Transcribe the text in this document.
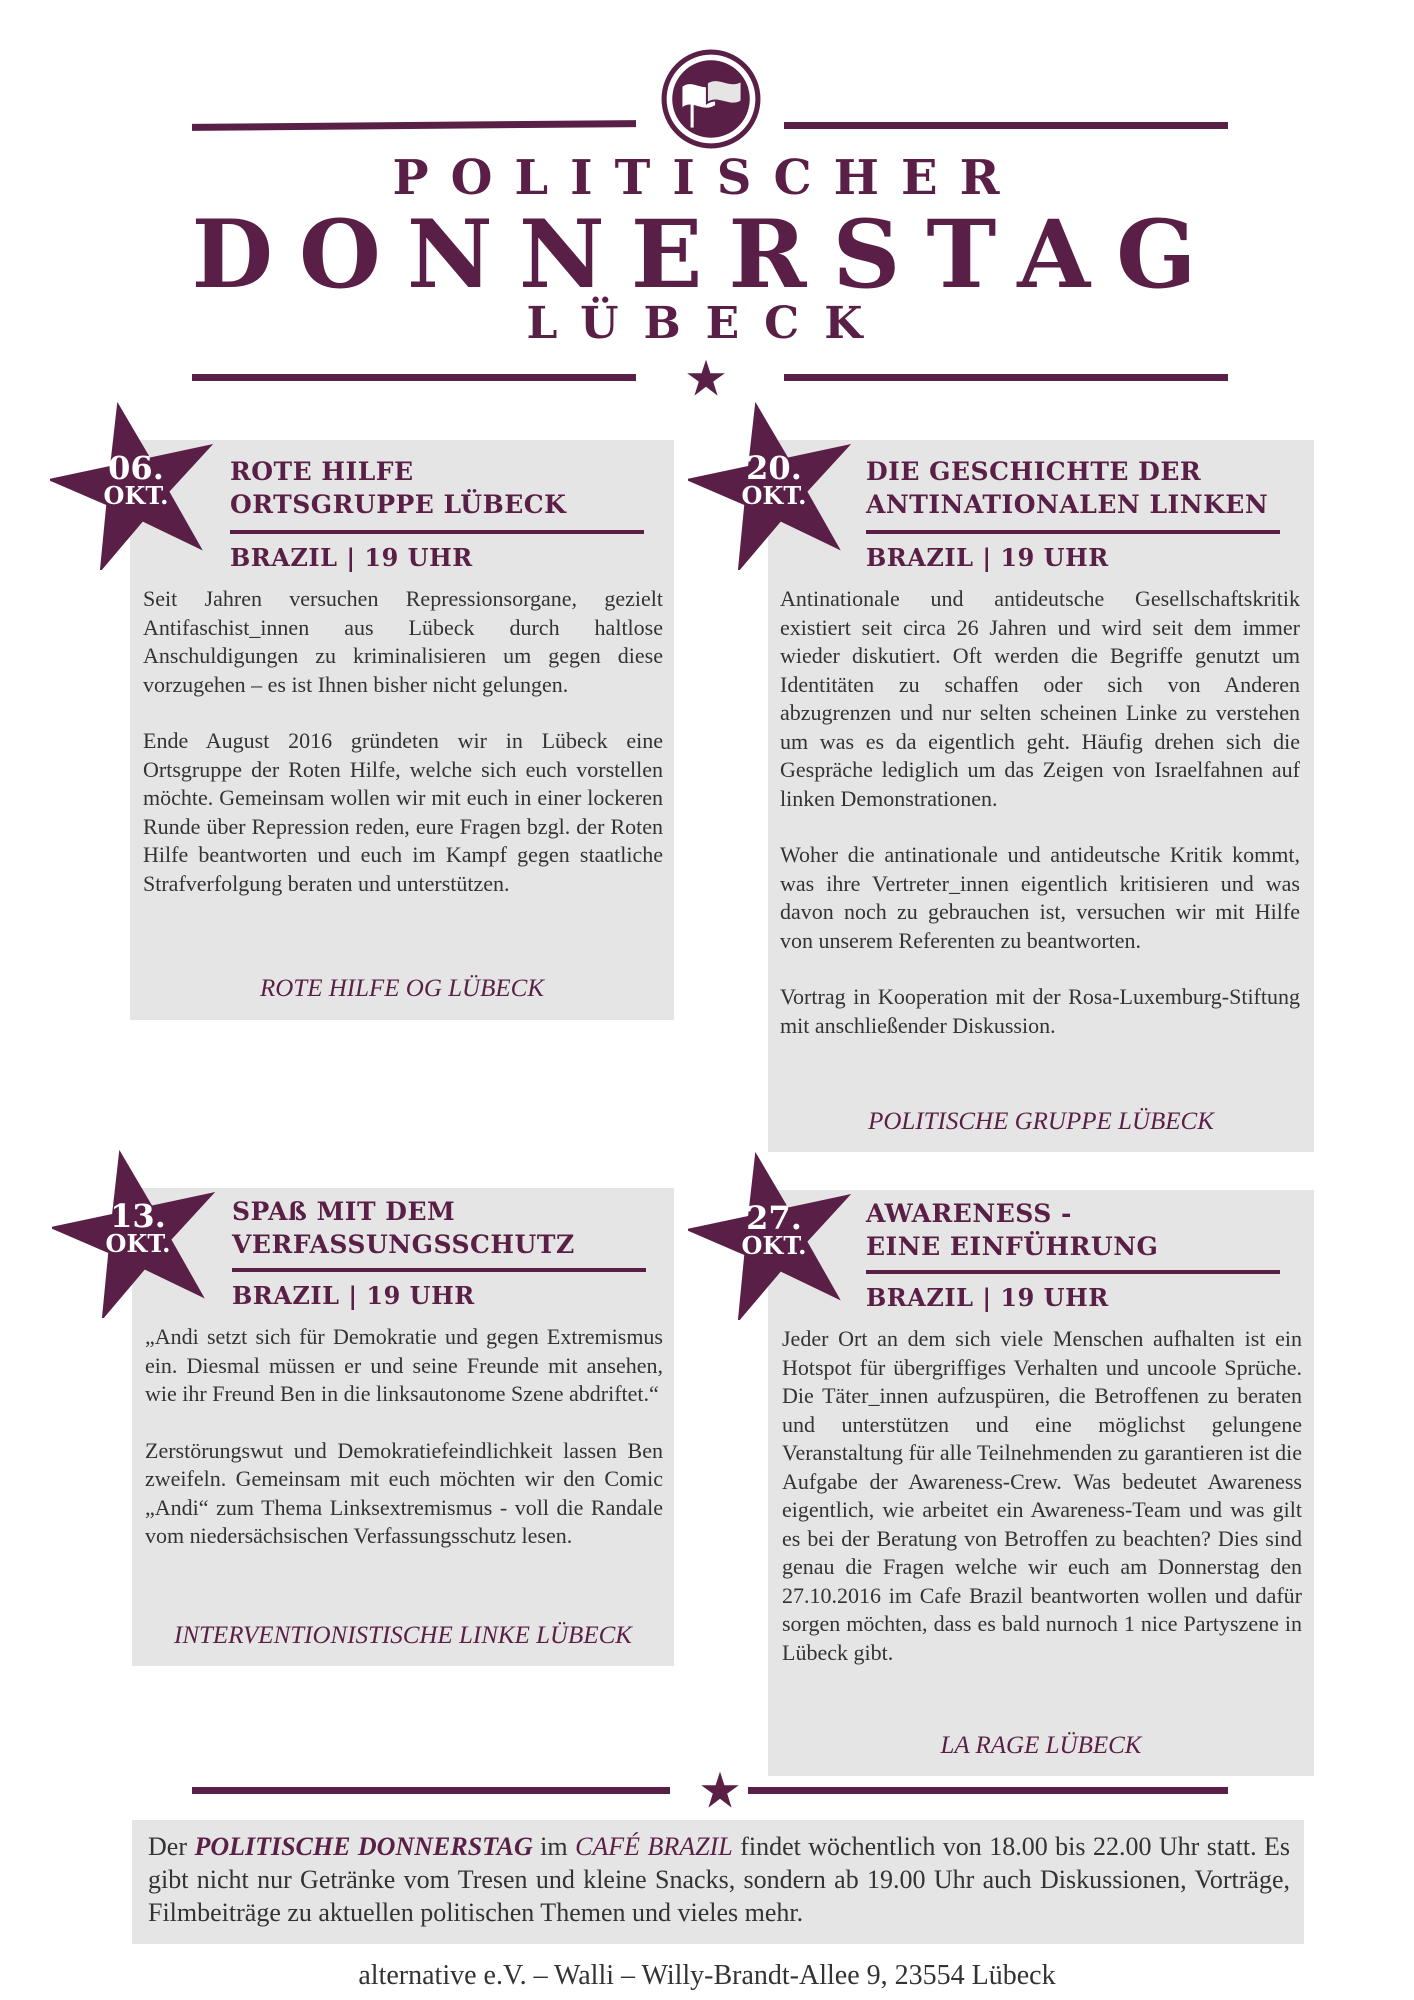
POLITISCHER
DONNERSTAG
LÜBECK
06.
OKT.
ROTE HILFE
ORTSGRUPPE LÜBECK
BRAZIL | 19 UHR

Seit Jahren versuchen Repressionsorgane, gezielt Antifaschist_innen aus Lübeck durch haltlose Anschuldigungen zu kriminalisieren um gegen diese vorzugehen – es ist Ihnen bisher nicht gelungen.

Ende August 2016 gründeten wir in Lübeck eine Ortsgruppe der Roten Hilfe, welche sich euch vorstellen möchte. Gemeinsam wollen wir mit euch in einer lockeren Runde über Repression reden, eure Fragen bzgl. der Roten Hilfe beantworten und euch im Kampf gegen staatliche Strafverfolgung beraten und unterstützen.

ROTE HILFE OG LÜBECK
20.
OKT.
DIE GESCHICHTE DER
ANTINATIONALEN LINKEN
BRAZIL | 19 UHR

Antinationale und antideutsche Gesellschaftskritik existiert seit circa 26 Jahren und wird seit dem immer wieder diskutiert. Oft werden die Begriffe genutzt um Identitäten zu schaffen oder sich von Anderen abzugrenzen und nur selten scheinen Linke zu verstehen um was es da eigentlich geht. Häufig drehen sich die Gespräche lediglich um das Zeigen von Israelfahnen auf linken Demonstrationen.

Woher die antinationale und antideutsche Kritik kommt, was ihre Vertreter_innen eigentlich kritisieren und was davon noch zu gebrauchen ist, versuchen wir mit Hilfe von unserem Referenten zu beantworten.

Vortrag in Kooperation mit der Rosa-Luxemburg-Stiftung mit anschließender Diskussion.

POLITISCHE GRUPPE LÜBECK
13.
OKT.
SPAß MIT DEM
VERFASSUNGSSCHUTZ
BRAZIL | 19 UHR

„Andi setzt sich für Demokratie und gegen Extremismus ein. Diesmal müssen er und seine Freunde mit ansehen, wie ihr Freund Ben in die linksautonome Szene abdriftet.“

Zerstörungswut und Demokratiefeindlichkeit lassen Ben zweifeln. Gemeinsam mit euch möchten wir den Comic „Andi“ zum Thema Linksextremismus - voll die Randale vom niedersächsischen Verfassungsschutz lesen.

INTERVENTIONISTISCHE LINKE LÜBECK
27.
OKT.
AWARENESS -
EINE EINFÜHRUNG
BRAZIL | 19 UHR

Jeder Ort an dem sich viele Menschen aufhalten ist ein Hotspot für übergriffiges Verhalten und uncoole Sprüche. Die Täter_innen aufzuspüren, die Betroffenen zu beraten und unterstützen und eine möglichst gelungene Veranstaltung für alle Teilnehmenden zu garantieren ist die Aufgabe der Awareness-Crew. Was bedeutet Awareness eigentlich, wie arbeitet ein Awareness-Team und was gilt es bei der Beratung von Betroffen zu beachten? Dies sind genau die Fragen welche wir euch am Donnerstag den 27.10.2016 im Cafe Brazil beantworten wollen und dafür sorgen möchten, dass es bald nurnoch 1 nice Partyszene in Lübeck gibt.

LA RAGE LÜBECK
Der POLITISCHE DONNERSTAG im CAFÉ BRAZIL findet wöchentlich von 18.00 bis 22.00 Uhr statt. Es gibt nicht nur Getränke vom Tresen und kleine Snacks, sondern ab 19.00 Uhr auch Diskussionen, Vorträge, Filmbeiträge zu aktuellen politischen Themen und vieles mehr.
alternative e.V. – Walli – Willy-Brandt-Allee 9, 23554 Lübeck
